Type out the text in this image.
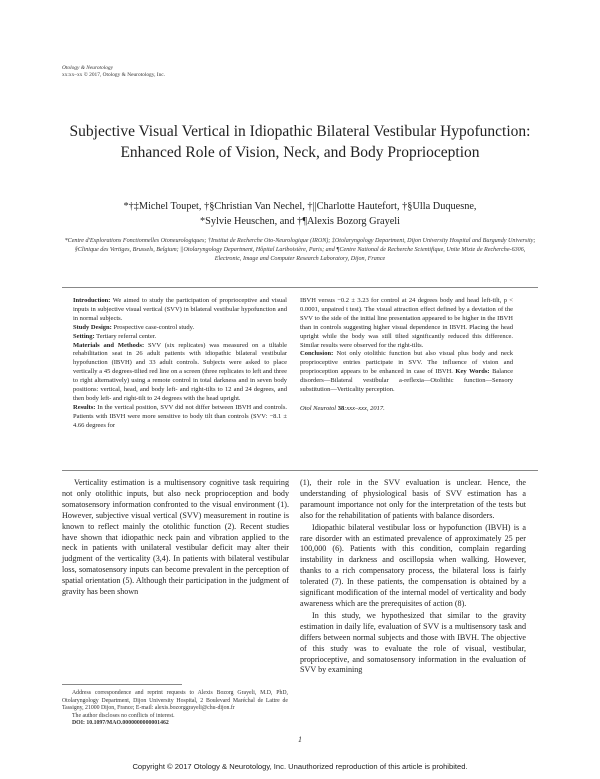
Otology & Neurotology
xx:xx–xx © 2017, Otology & Neurotology, Inc.
Subjective Visual Vertical in Idiopathic Bilateral Vestibular Hypofunction: Enhanced Role of Vision, Neck, and Body Proprioception
*†‡Michel Toupet, †§Christian Van Nechel, †||Charlotte Hautefort, †§Ulla Duquesne,
*Sylvie Heuschen, and †¶Alexis Bozorg Grayeli
*Centre d'Explorations Fonctionnelles Otoneurologiques; †Institut de Recherche Oto-Neurologique (IRON); ‡Otolaryngology Department, Dijon University Hospital and Burgundy University; §Clinique des Vertiges, Brussels, Belgium; ||Otolaryngology Department, Hôpital Lariboisière, Paris; and ¶Centre National de Recherche Scientifique, Unite Mixte de Recherche-6306, Electronic, Image and Computer Research Laboratory, Dijon, France

Introduction: We aimed to study the participation of proprioceptive and visual inputs in subjective visual vertical (SVV) in bilateral vestibular hypofunction and in normal subjects.

Study Design: Prospective case-control study.

Setting: Tertiary referral center.

Materials and Methods: SVV (six replicates) was measured on a tiltable rehabilitation seat in 26 adult patients with idiopathic bilateral vestibular hypofunction (IBVH) and 33 adult controls. Subjects were asked to place vertically a 45 degrees-tilted red line on a screen (three replicates to left and three to right alternatively) using a remote control in total darkness and in seven body positions: vertical, head, and body left- and right-tilts to 12 and 24 degrees, and then body left- and right-tilt to 24 degrees with the head upright.

Results: In the vertical position, SVV did not differ between IBVH and controls. Patients with IBVH were more sensitive to body tilt than controls (SVV: −8.1 ± 4.66 degrees for

IBVH versus −0.2 ± 3.23 for control at 24 degrees body and head left-tilt, p < 0.0001, unpaired t test). The visual attraction effect defined by a deviation of the SVV to the side of the initial line presentation appeared to be higher in the IBVH than in controls suggesting higher visual dependence in IBVH. Placing the head upright while the body was still tilted significantly reduced this difference. Similar results were observed for the right-tilts.

Conclusion: Not only otolithic function but also visual plus body and neck proprioceptive entries participate in SVV. The influence of vision and proprioception appears to be enhanced in case of IBVH. Key Words: Balance disorders—Bilateral vestibular a-reflexia—Otolithic function—Sensory substitution—Verticality perception.

Otol Neurotol 38:xxx–xxx, 2017.

Verticality estimation is a multisensory cognitive task requiring not only otolithic inputs, but also neck proprioception and body somatosensory information confronted to the visual environment (1). However, subjective visual vertical (SVV) measurement in routine is known to reflect mainly the otolithic function (2). Recent studies have shown that idiopathic neck pain and vibration applied to the neck in patients with unilateral vestibular deficit may alter their judgment of the verticality (3,4). In patients with bilateral vestibular loss, somatosensory inputs can become prevalent in the perception of spatial orientation (5). Although their participation in the judgment of gravity has been shown

(1), their role in the SVV evaluation is unclear. Hence, the understanding of physiological basis of SVV estimation has a paramount importance not only for the interpretation of the tests but also for the rehabilitation of patients with balance disorders.

Idiopathic bilateral vestibular loss or hypofunction (IBVH) is a rare disorder with an estimated prevalence of approximately 25 per 100,000 (6). Patients with this condition, complain regarding instability in darkness and oscillopsia when walking. However, thanks to a rich compensatory process, the bilateral loss is fairly tolerated (7). In these patients, the compensation is obtained by a significant modification of the internal model of verticality and body awareness which are the prerequisites of action (8).

In this study, we hypothesized that similar to the gravity estimation in daily life, evaluation of SVV is a multisensory task and differs between normal subjects and those with IBVH. The objective of this study was to evaluate the role of visual, vestibular, proprioceptive, and somatosensory information in the evaluation of SVV by examining

Address correspondence and reprint requests to Alexis Bozorg Grayeli, M.D, PhD, Otolaryngology Department, Dijon University Hospital, 2 Boulevard Maréchal de Lattre de Tassigny, 21000 Dijon, France; E-mail: alexis.bozorggrayeli@chu-dijon.fr
The author discloses no conflicts of interest.
DOI: 10.1097/MAO.0000000000001462
1
Copyright © 2017 Otology & Neurotology, Inc. Unauthorized reproduction of this article is prohibited.
